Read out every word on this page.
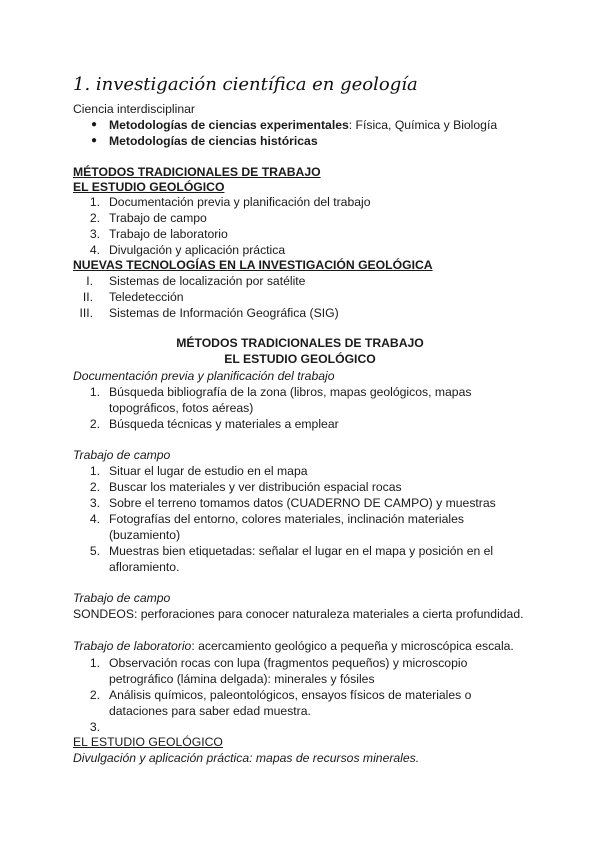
1. investigación científica en geología
Ciencia interdisciplinar
● Metodologías de ciencias experimentales: Física, Química y Biología
● Metodologías de ciencias históricas
MÉTODOS TRADICIONALES DE TRABAJO
EL ESTUDIO GEOLÓGICO
1. Documentación previa y planificación del trabajo
2. Trabajo de campo
3. Trabajo de laboratorio
4. Divulgación y aplicación práctica
NUEVAS TECNOLOGÍAS EN LA INVESTIGACIÓN GEOLÓGICA
I. Sistemas de localización por satélite
II. Teledetección
III. Sistemas de Información Geográfica (SIG)
MÉTODOS TRADICIONALES DE TRABAJO
EL ESTUDIO GEOLÓGICO
Documentación previa y planificación del trabajo
1. Búsqueda bibliografía de la zona (libros, mapas geológicos, mapas
topográficos, fotos aéreas)
2. Búsqueda técnicas y materiales a emplear
Trabajo de campo
1. Situar el lugar de estudio en el mapa
2. Buscar los materiales y ver distribución espacial rocas
3. Sobre el terreno tomamos datos (CUADERNO DE CAMPO) y muestras
4. Fotografías del entorno, colores materiales, inclinación materiales
(buzamiento)
5. Muestras bien etiquetadas: señalar el lugar en el mapa y posición en el
afloramiento.
Trabajo de campo
SONDEOS: perforaciones para conocer naturaleza materiales a cierta profundidad.
Trabajo de laboratorio: acercamiento geológico a pequeña y microscópica escala.
1. Observación rocas con lupa (fragmentos pequeños) y microscopio
petrográfico (lámina delgada): minerales y fósiles
2. Análisis químicos, paleontológicos, ensayos físicos de materiales o
dataciones para saber edad muestra.
3.
EL ESTUDIO GEOLÓGICO
Divulgación y aplicación práctica: mapas de recursos minerales.
